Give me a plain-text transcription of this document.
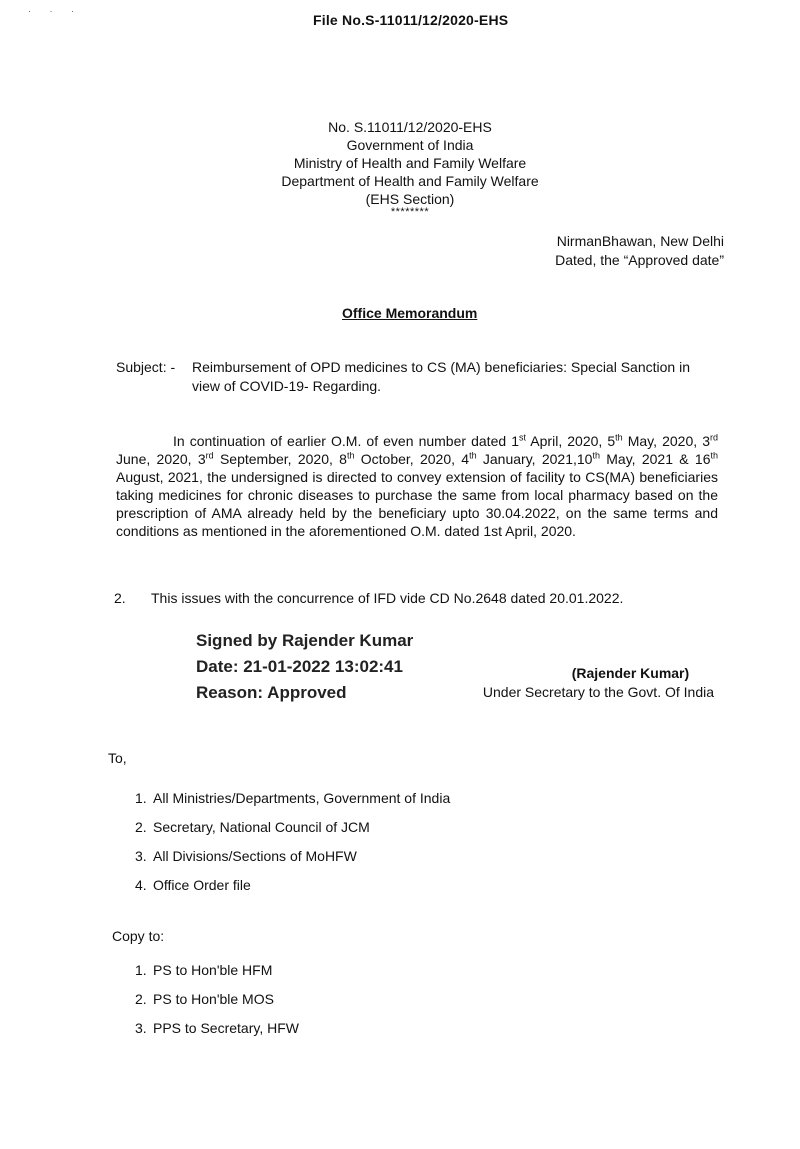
· · ·
File No.S-11011/12/2020-EHS
No. S.11011/12/2020-EHS
Government of India
Ministry of Health and Family Welfare
Department of Health and Family Welfare
(EHS Section)
********
NirmanBhawan, New Delhi
Dated, the “Approved date”
Office Memorandum
Subject: - Reimbursement of OPD medicines to CS (MA) beneficiaries: Special Sanction in view of COVID-19- Regarding.

In continuation of earlier O.M. of even number dated 1st April, 2020, 5th May, 2020, 3rd June, 2020, 3rd September, 2020, 8th October, 2020, 4th January, 2021,10th May, 2021 & 16th August, 2021, the undersigned is directed to convey extension of facility to CS(MA) beneficiaries taking medicines for chronic diseases to purchase the same from local pharmacy based on the prescription of AMA already held by the beneficiary upto 30.04.2022, on the same terms and conditions as mentioned in the aforementioned O.M. dated 1st April, 2020.

2. This issues with the concurrence of IFD vide CD No.2648 dated 20.01.2022.
Signed by Rajender Kumar
Date: 21-01-2022 13:02:41
Reason: Approved
(Rajender Kumar)
Under Secretary to the Govt. Of India
To,
1. All Ministries/Departments, Government of India
2. Secretary, National Council of JCM
3. All Divisions/Sections of MoHFW
4. Office Order file
Copy to:
1. PS to Hon'ble HFM
2. PS to Hon'ble MOS
3. PPS to Secretary, HFW
